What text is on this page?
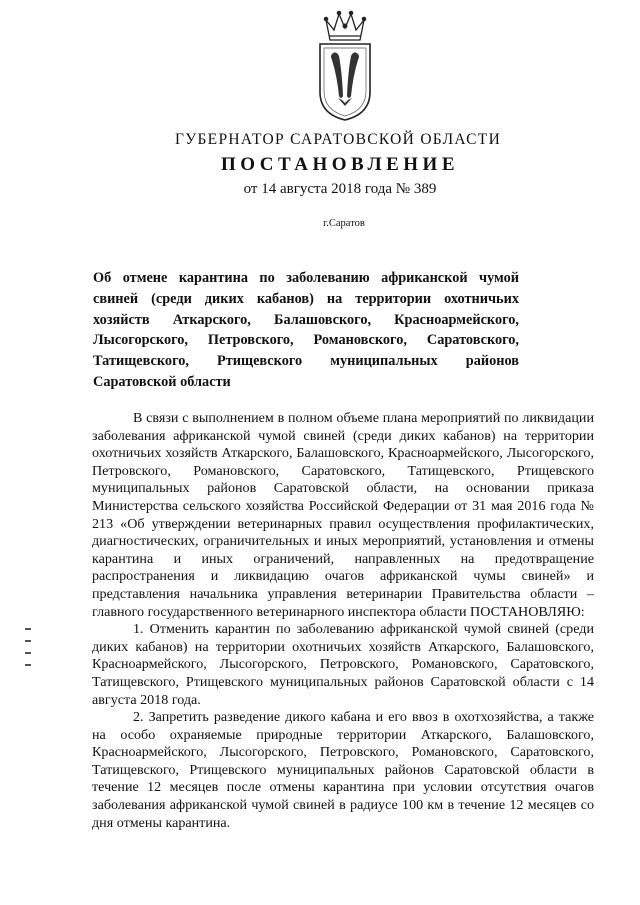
ГУБЕРНАТОР САРАТОВСКОЙ ОБЛАСТИ
ПОСТАНОВЛЕНИЕ
от 14 августа 2018 года № 389
г.Саратов
Об отмене карантина по заболеванию африканской чумой свиней (среди диких кабанов) на территории охотничьих хозяйств Аткарского, Балашовского, Красноармейского, Лысогорского, Петровского, Романовского, Саратовского, Татищевского, Ртищевского муниципальных районов Саратовской области

В связи с выполнением в полном объеме плана мероприятий по ликвидации заболевания африканской чумой свиней (среди диких кабанов) на территории охотничьих хозяйств Аткарского, Балашовского, Красноармейского, Лысогорского, Петровского, Романовского, Саратовского, Татищевского, Ртищевского муниципальных районов Саратовской области, на основании приказа Министерства сельского хозяйства Российской Федерации от 31 мая 2016 года № 213 «Об утверждении ветеринарных правил осуществления профилактических, диагностических, ограничительных и иных мероприятий, установления и отмены карантина и иных ограничений, направленных на предотвращение распространения и ликвидацию очагов африканской чумы свиней» и представления начальника управления ветеринарии Правительства области – главного государственного ветеринарного инспектора области ПОСТАНОВЛЯЮ:

1. Отменить карантин по заболеванию африканской чумой свиней (среди диких кабанов) на территории охотничьих хозяйств Аткарского, Балашовского, Красноармейского, Лысогорского, Петровского, Романовского, Саратовского, Татищевского, Ртищевского муниципальных районов Саратовской области с 14 августа 2018 года.

2. Запретить разведение дикого кабана и его ввоз в охотхозяйства, а также на особо охраняемые природные территории Аткарского, Балашовского, Красноармейского, Лысогорского, Петровского, Романовского, Саратовского, Татищевского, Ртищевского муниципальных районов Саратовской области в течение 12 месяцев после отмены карантина при условии отсутствия очагов заболевания африканской чумой свиней в радиусе 100 км в течение 12 месяцев со дня отмены карантина.
